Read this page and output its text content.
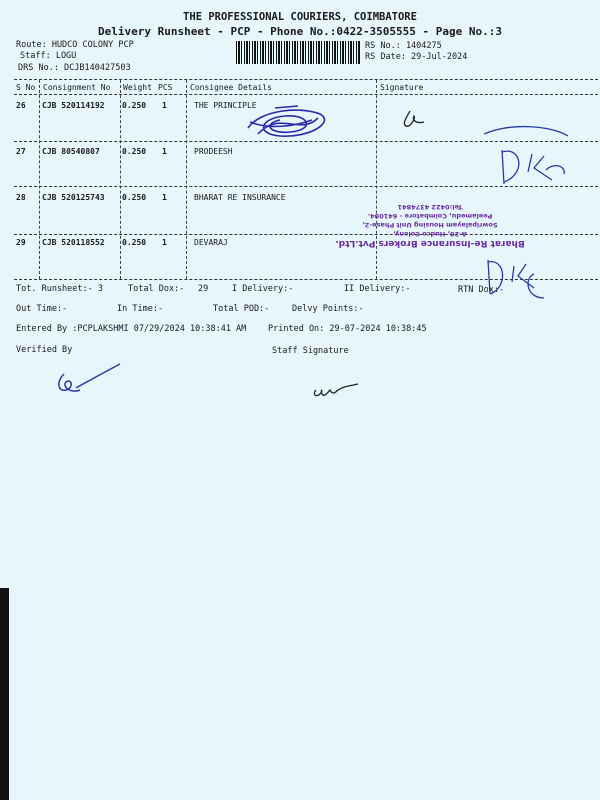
THE PROFESSIONAL COURIERS, COIMBATORE
Delivery Runsheet - PCP - Phone No.:0422-3505555 - Page No.:3
Route: HUDCO COLONY PCP
Staff: LOGU
DRS No.: DCJB140427503
RS No.: 1404275
RS Date: 29-Jul-2024
S No Consignment No Weight PCS Consignee Details	Signature
26 CJB 520114192 0.250 1	THE PRINCIPLE
27 CJB 80540807	0.250 1	PRODEESH
28 CJB 520125743 0.250 1	BHARAT RE INSURANCE
29 CJB 520118552 0.250 1	DEVARAJ	Bharat Re-Insurance Brokers Pvt.Ltd.
A-20, Hudco Colony,
Sowripalayam Housing Unit Phase-2,
Peelamedu, Coimbatore - 641004.
Tel:0422 4374841
Tot. Runsheet:- 3	Total Dox:- 29	I Delivery:-	II Delivery:-	RTN Dox:-
Out Time:-	In Time:-	Total POD:-	Delvy Points:-
Entered By :PCPLAKSHMI 07/29/2024 10:38:41 AM	Printed On: 29-07-2024 10:38:45
Verified By	Staff Signature
